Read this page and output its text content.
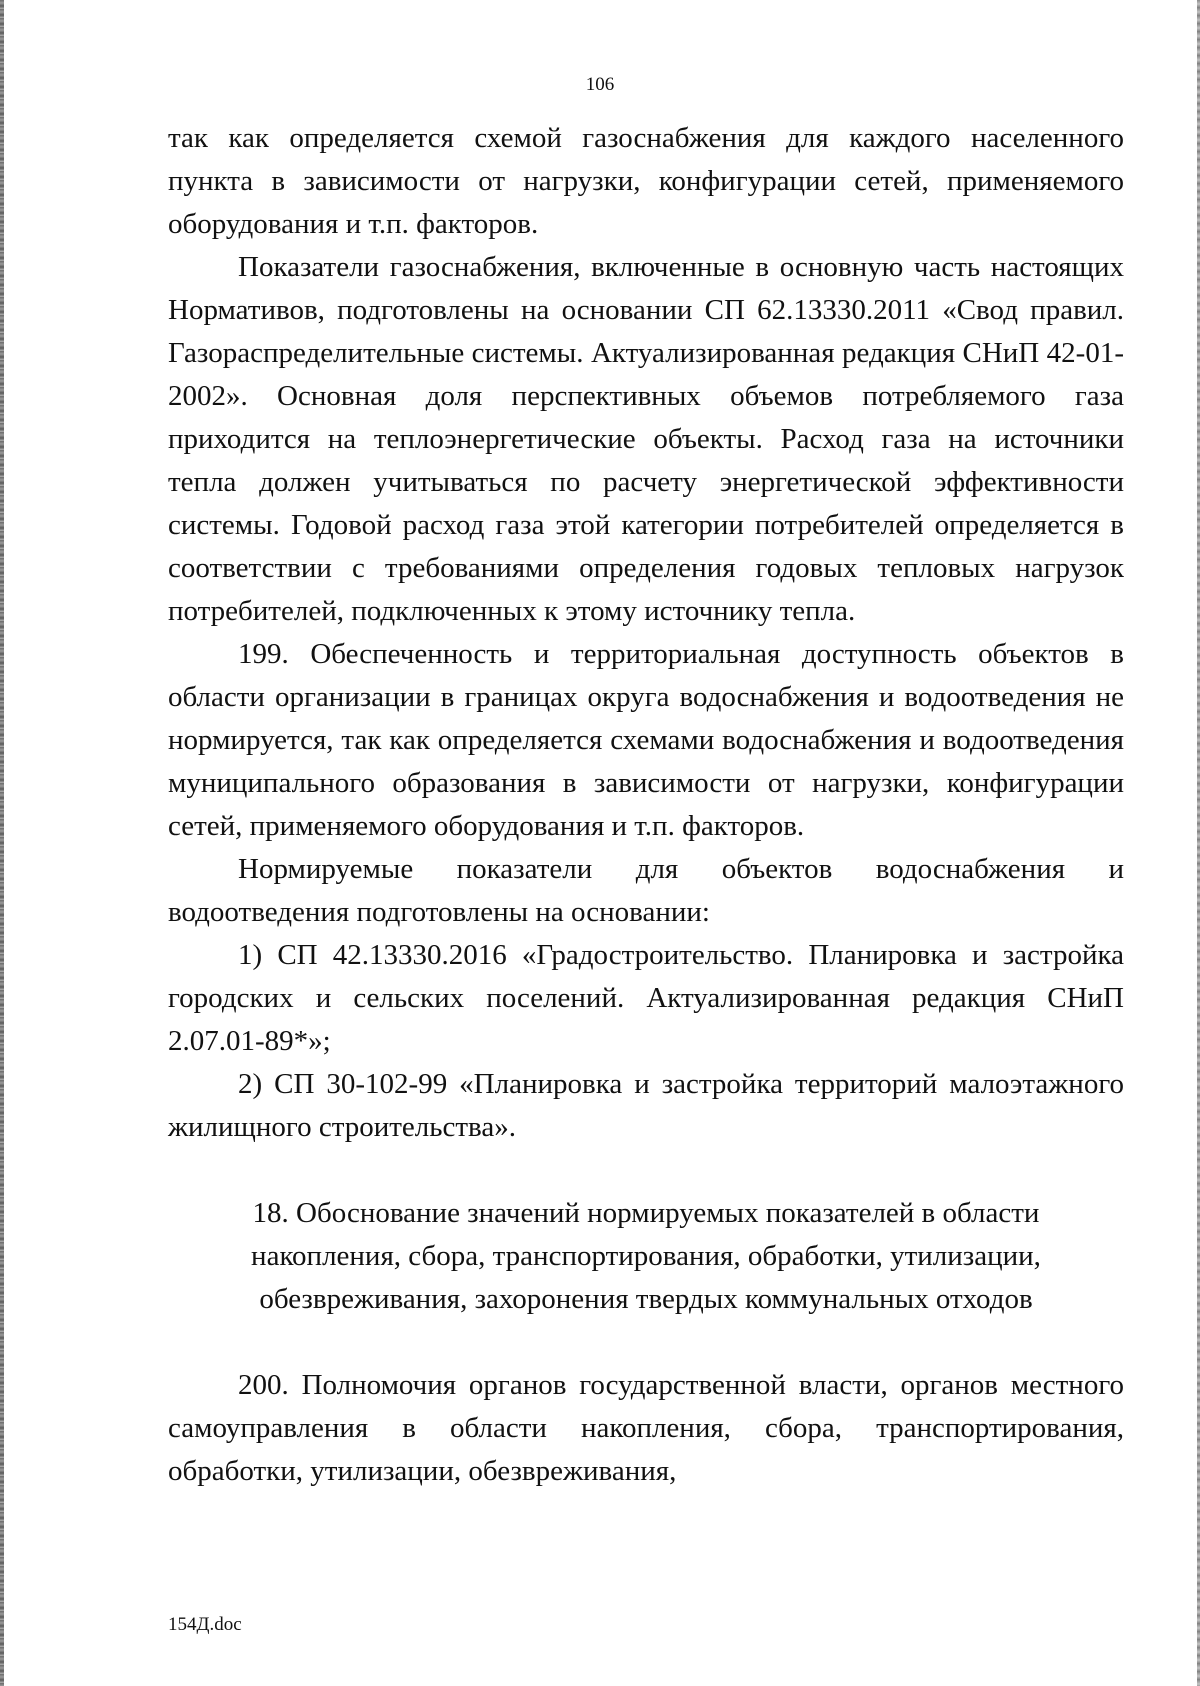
106

так как определяется схемой газоснабжения для каждого населенного пункта в зависимости от нагрузки, конфигурации сетей, применяемого оборудования и т.п. факторов.

Показатели газоснабжения, включенные в основную часть настоящих Нормативов, подготовлены на основании СП 62.13330.2011 «Свод правил. Газораспределительные системы. Актуализированная редакция СНиП 42-01-2002». Основная доля перспективных объемов потребляемого газа приходится на теплоэнергетические объекты. Расход газа на источники тепла должен учитываться по расчету энергетической эффективности системы. Годовой расход газа этой категории потребителей определяется в соответствии с требованиями определения годовых тепловых нагрузок потребителей, подключенных к этому источнику тепла.

199. Обеспеченность и территориальная доступность объектов в области организации в границах округа водоснабжения и водоотведения не нормируется, так как определяется схемами водоснабжения и водоотведения муниципального образования в зависимости от нагрузки, конфигурации сетей, применяемого оборудования и т.п. факторов.

Нормируемые показатели для объектов водоснабжения и водоотведения подготовлены на основании:

1) СП 42.13330.2016 «Градостроительство. Планировка и застройка городских и сельских поселений. Актуализированная редакция СНиП 2.07.01-89*»;

2) СП 30-102-99 «Планировка и застройка территорий малоэтажного жилищного строительства».

18. Обоснование значений нормируемых показателей в области
накопления, сбора, транспортирования, обработки, утилизации,
обезвреживания, захоронения твердых коммунальных отходов

200. Полномочия органов государственной власти, органов местного самоуправления в области накопления, сбора, транспортирования, обработки, утилизации, обезвреживания,

154Д.doc
